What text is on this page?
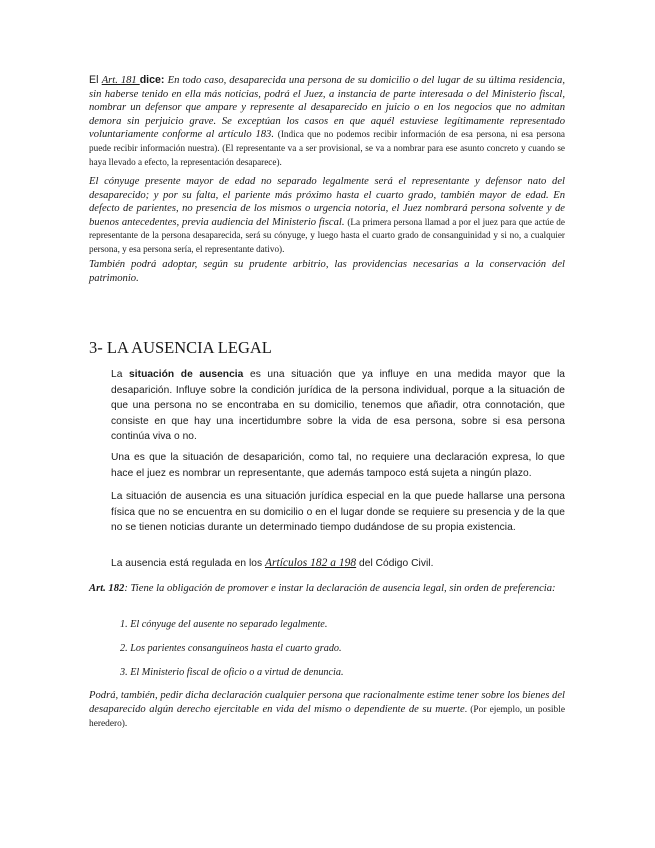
El Art. 181 dice: En todo caso, desaparecida una persona de su domicilio o del lugar de su última residencia, sin haberse tenido en ella más noticias, podrá el Juez, a instancia de parte interesada o del Ministerio fiscal, nombrar un defensor que ampare y represente al desaparecido en juicio o en los negocios que no admitan demora sin perjuicio grave. Se exceptúan los casos en que aquél estuviese legítimamente representado voluntariamente conforme al artículo 183. (Indica que no podemos recibir información de esa persona, ni esa persona puede recibir información nuestra). (El representante va a ser provisional, se va a nombrar para ese asunto concreto y cuando se haya llevado a efecto, la representación desaparece).

El cónyuge presente mayor de edad no separado legalmente será el representante y defensor nato del desaparecido; y por su falta, el pariente más próximo hasta el cuarto grado, también mayor de edad. En defecto de parientes, no presencia de los mismos o urgencia notoria, el Juez nombrará persona solvente y de buenos antecedentes, previa audiencia del Ministerio fiscal. (La primera persona llamad a por el juez para que actúe de representante de la persona desaparecida, será su cónyuge, y luego hasta el cuarto grado de consanguinidad y si no, a cualquier persona, y esa persona sería, el representante dativo).

También podrá adoptar, según su prudente arbitrio, las providencias necesarias a la conservación del patrimonio.

3- LA AUSENCIA LEGAL

La situación de ausencia es una situación que ya influye en una medida mayor que la desaparición. Influye sobre la condición jurídica de la persona individual, porque a la situación de que una persona no se encontraba en su domicilio, tenemos que añadir, otra connotación, que consiste en que hay una incertidumbre sobre la vida de esa persona, sobre si esa persona continúa viva o no.

Una es que la situación de desaparición, como tal, no requiere una declaración expresa, lo que hace el juez es nombrar un representante, que además tampoco está sujeta a ningún plazo.

La situación de ausencia es una situación jurídica especial en la que puede hallarse una persona física que no se encuentra en su domicilio o en el lugar donde se requiere su presencia y de la que no se tienen noticias durante un determinado tiempo dudándose de su propia existencia.

La ausencia está regulada en los Artículos 182 a 198 del Código Civil.

Art. 182: Tiene la obligación de promover e instar la declaración de ausencia legal, sin orden de preferencia:

1. El cónyuge del ausente no separado legalmente.
2. Los parientes consanguíneos hasta el cuarto grado.
3. El Ministerio fiscal de oficio o a virtud de denuncia.

Podrá, también, pedir dicha declaración cualquier persona que racionalmente estime tener sobre los bienes del desaparecido algún derecho ejercitable en vida del mismo o dependiente de su muerte. (Por ejemplo, un posible heredero).
